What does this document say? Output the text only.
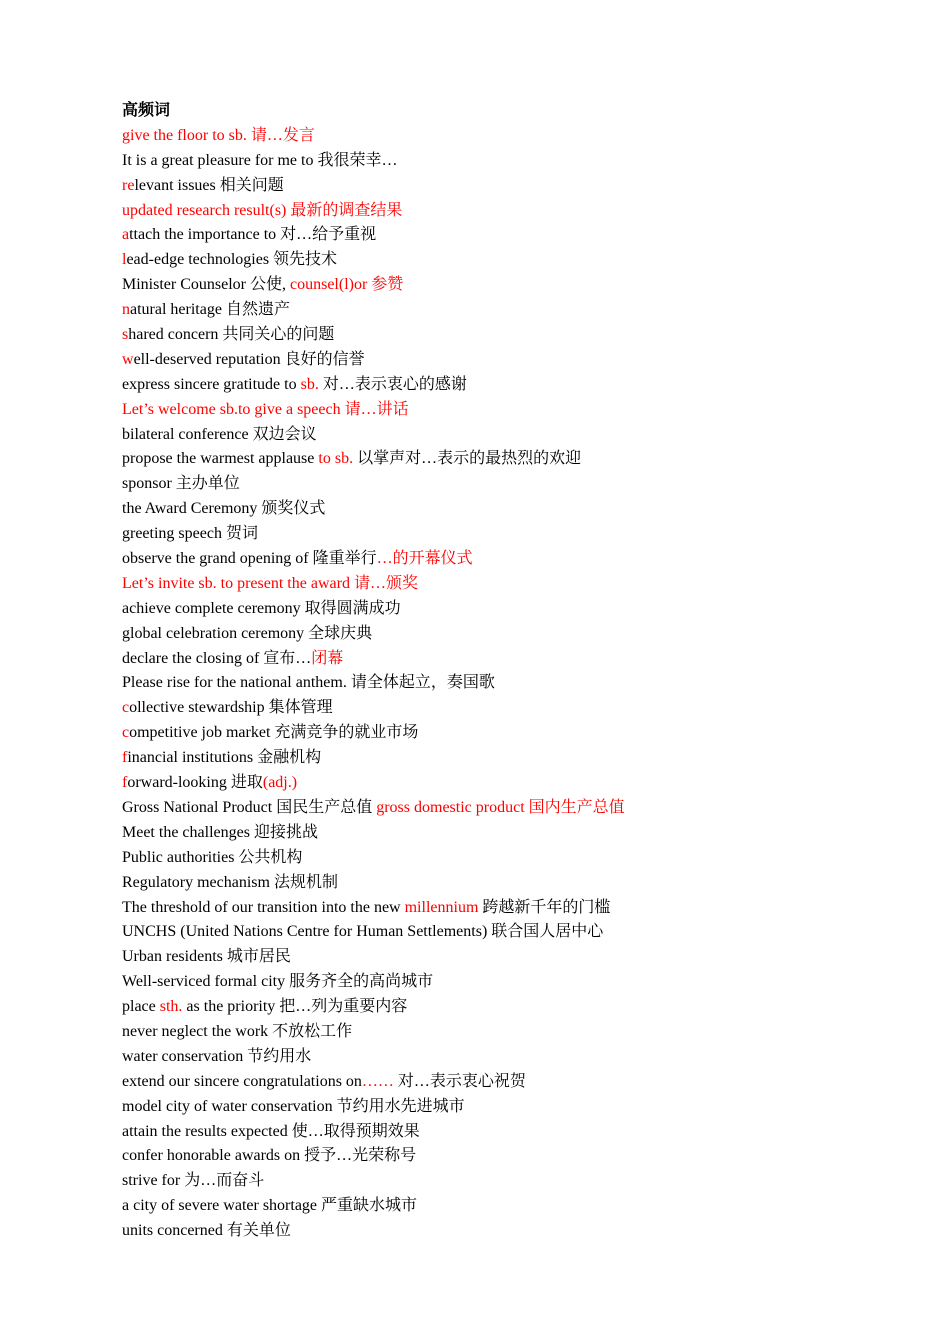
高频词
give the floor to sb. 请…发言
It is a great pleasure for me to 我很荣幸…
relevant issues 相关问题
updated research result(s) 最新的调查结果
attach the importance to 对…给予重视
lead-edge technologies 领先技术
Minister Counselor 公使, counsel(l)or 参赞
natural heritage 自然遗产
shared concern 共同关心的问题
well-deserved reputation 良好的信誉
express sincere gratitude to sb. 对…表示衷心的感谢
Let’s welcome sb.to give a speech 请…讲话
bilateral conference 双边会议
propose the warmest applause to sb. 以掌声对…表示的最热烈的欢迎
sponsor 主办单位
the Award Ceremony 颁奖仪式
greeting speech 贺词
observe the grand opening of 隆重举行…的开幕仪式
Let’s invite sb. to present the award 请…颁奖
achieve complete ceremony 取得圆满成功
global celebration ceremony 全球庆典
declare the closing of 宣布…闭幕
Please rise for the national anthem. 请全体起立，奏国歌
collective stewardship 集体管理
competitive job market 充满竞争的就业市场
financial institutions 金融机构
forward-looking 进取(adj.)
Gross National Product 国民生产总值 gross domestic product 国内生产总值
Meet the challenges 迎接挑战
Public authorities 公共机构
Regulatory mechanism 法规机制
The threshold of our transition into the new millennium 跨越新千年的门槛
UNCHS (United Nations Centre for Human Settlements) 联合国人居中心
Urban residents 城市居民
Well-serviced formal city 服务齐全的高尚城市
place sth. as the priority 把…列为重要内容
never neglect the work 不放松工作
water conservation 节约用水
extend our sincere congratulations on…… 对…表示衷心祝贺
model city of water conservation 节约用水先进城市
attain the results expected 使…取得预期效果
confer honorable awards on 授予…光荣称号
strive for 为…而奋斗
a city of severe water shortage 严重缺水城市
units concerned 有关单位
